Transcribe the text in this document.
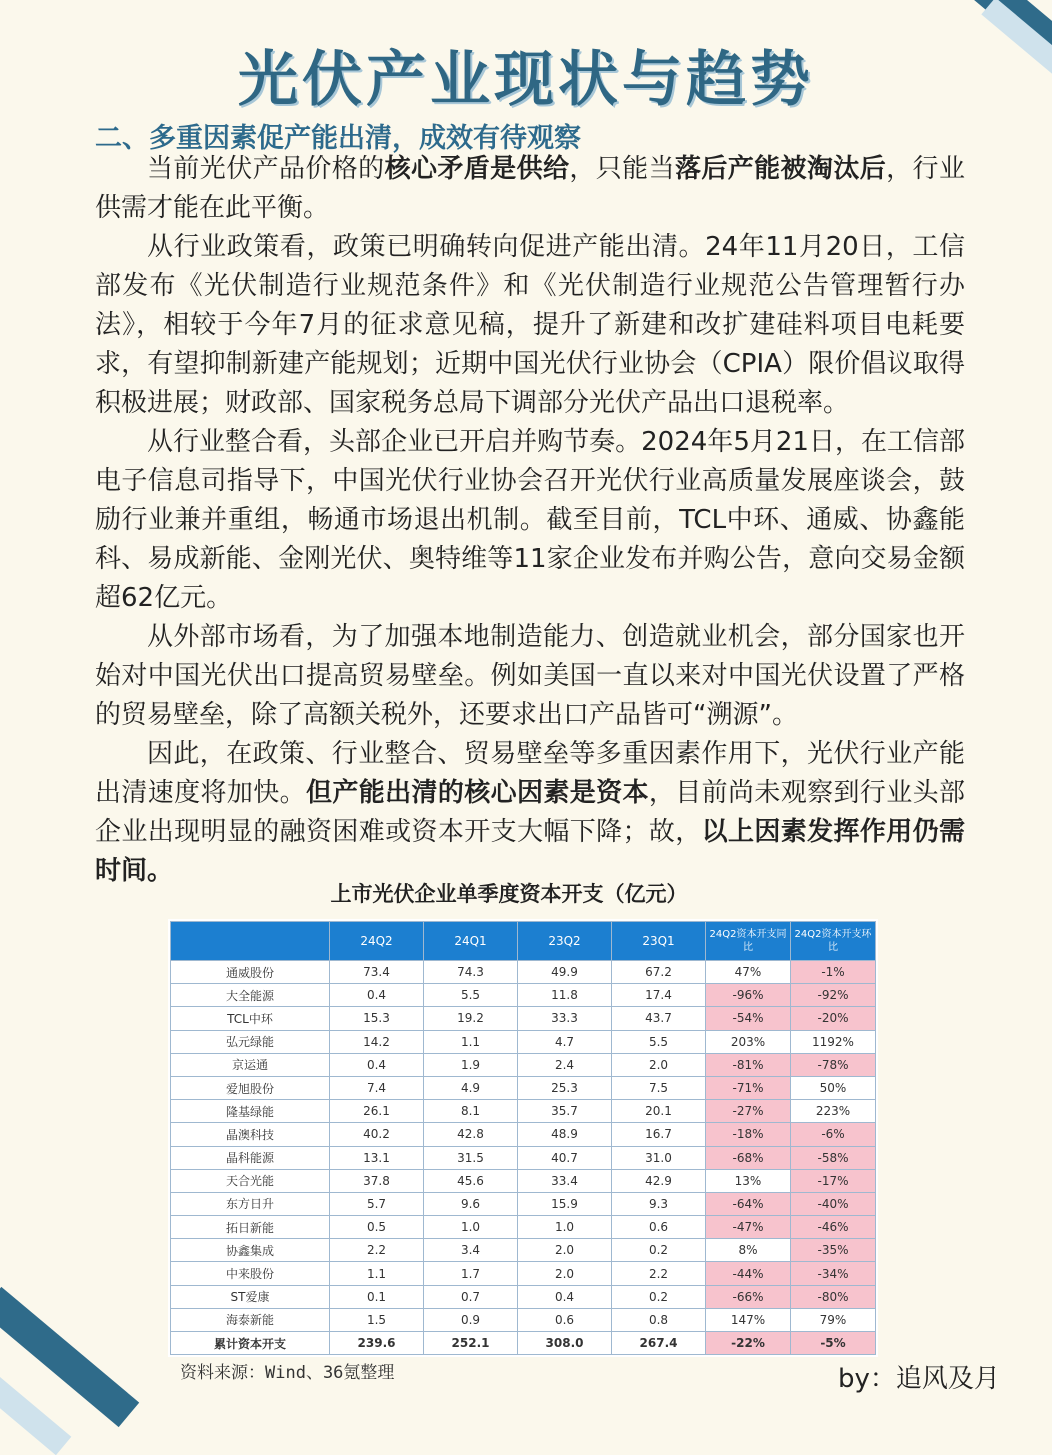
光伏产业现状与趋势
二、多重因素促产能出清，成效有待观察

当前光伏产品价格的核心矛盾是供给，只能当落后产能被淘汰后，行业供需才能在此平衡。

从行业政策看，政策已明确转向促进产能出清。24年11月20日，工信部发布《光伏制造行业规范条件》和《光伏制造行业规范公告管理暂行办法》，相较于今年7月的征求意见稿，提升了新建和改扩建硅料项目电耗要求，有望抑制新建产能规划；近期中国光伏行业协会（CPIA）限价倡议取得积极进展；财政部、国家税务总局下调部分光伏产品出口退税率。

从行业整合看，头部企业已开启并购节奏。2024年5月21日，在工信部电子信息司指导下，中国光伏行业协会召开光伏行业高质量发展座谈会，鼓励行业兼并重组，畅通市场退出机制。截至目前，TCL中环、通威、协鑫能科、易成新能、金刚光伏、奥特维等11家企业发布并购公告，意向交易金额超62亿元。

从外部市场看，为了加强本地制造能力、创造就业机会，部分国家也开始对中国光伏出口提高贸易壁垒。例如美国一直以来对中国光伏设置了严格的贸易壁垒，除了高额关税外，还要求出口产品皆可“溯源”。

因此，在政策、行业整合、贸易壁垒等多重因素作用下，光伏行业产能出清速度将加快。但产能出清的核心因素是资本，目前尚未观察到行业头部企业出现明显的融资困难或资本开支大幅下降；故，以上因素发挥作用仍需时间。

上市光伏企业单季度资本开支（亿元）
	24Q2	24Q1	23Q2	23Q1	24Q2资本开支同比	24Q2资本开支环比
通威股份	73.4	74.3	49.9	67.2	47%	-1%
大全能源	0.4	5.5	11.8	17.4	-96%	-92%
TCL中环	15.3	19.2	33.3	43.7	-54%	-20%
弘元绿能	14.2	1.1	4.7	5.5	203%	1192%
京运通	0.4	1.9	2.4	2.0	-81%	-78%
爱旭股份	7.4	4.9	25.3	7.5	-71%	50%
隆基绿能	26.1	8.1	35.7	20.1	-27%	223%
晶澳科技	40.2	42.8	48.9	16.7	-18%	-6%
晶科能源	13.1	31.5	40.7	31.0	-68%	-58%
天合光能	37.8	45.6	33.4	42.9	13%	-17%
东方日升	5.7	9.6	15.9	9.3	-64%	-40%
拓日新能	0.5	1.0	1.0	0.6	-47%	-46%
协鑫集成	2.2	3.4	2.0	0.2	8%	-35%
中来股份	1.1	1.7	2.0	2.2	-44%	-34%
ST爱康	0.1	0.7	0.4	0.2	-66%	-80%
海泰新能	1.5	0.9	0.6	0.8	147%	79%
累计资本开支	239.6	252.1	308.0	267.4	-22%	-5%
资料来源：Wind、36氪整理	by：追风及月
